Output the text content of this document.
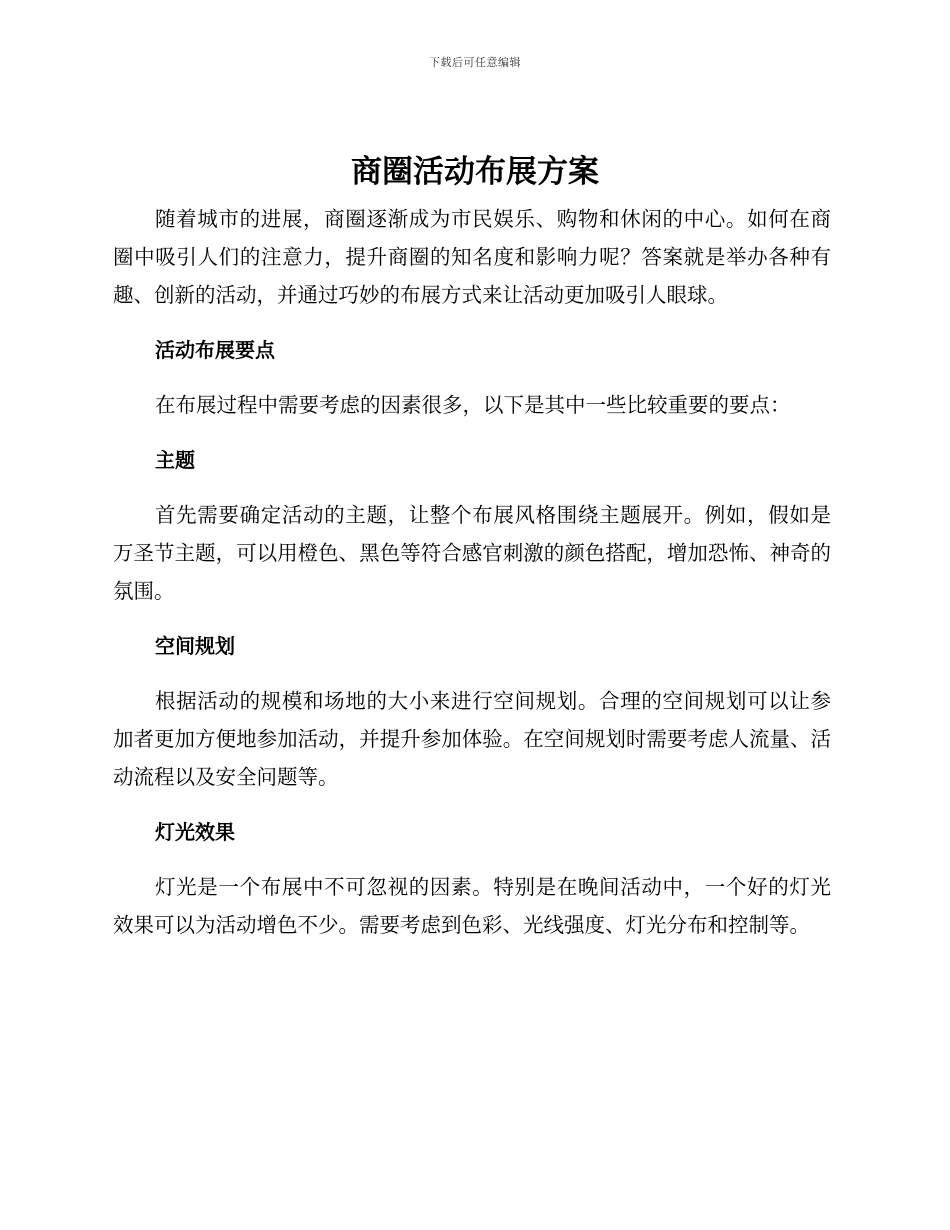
下载后可任意编辑
商圈活动布展方案

随着城市的进展，商圈逐渐成为市民娱乐、购物和休闲的中心。如何在商圈中吸引人们的注意力，提升商圈的知名度和影响力呢？答案就是举办各种有趣、创新的活动，并通过巧妙的布展方式来让活动更加吸引人眼球。

活动布展要点

在布展过程中需要考虑的因素很多，以下是其中一些比较重要的要点：

主题

首先需要确定活动的主题，让整个布展风格围绕主题展开。例如，假如是万圣节主题，可以用橙色、黑色等符合感官刺激的颜色搭配，增加恐怖、神奇的氛围。

空间规划

根据活动的规模和场地的大小来进行空间规划。合理的空间规划可以让参加者更加方便地参加活动，并提升参加体验。在空间规划时需要考虑人流量、活动流程以及安全问题等。

灯光效果

灯光是一个布展中不可忽视的因素。特别是在晚间活动中，一个好的灯光效果可以为活动增色不少。需要考虑到色彩、光线强度、灯光分布和控制等。
